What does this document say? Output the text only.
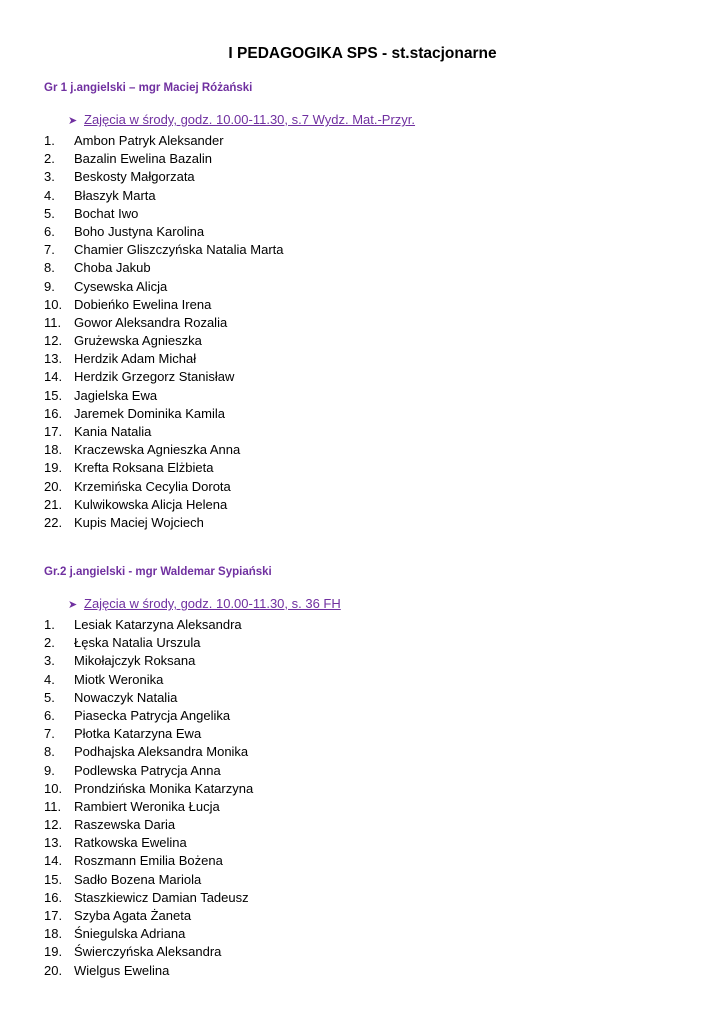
I PEDAGOGIKA SPS - st.stacjonarne
Gr 1 j.angielski – mgr Maciej Różański
➤ Zajęcia w środy, godz. 10.00-11.30, s.7 Wydz. Mat.-Przyr.
1.	Ambon Patryk Aleksander
2.	Bazalin Ewelina Bazalin
3.	Beskosty Małgorzata
4.	Błaszyk Marta
5.	Bochat Iwo
6.	Boho Justyna Karolina
7.	Chamier Gliszczyńska Natalia Marta
8.	Choba Jakub
9.	Cysewska Alicja
10. Dobieńko Ewelina Irena
11. Gowor Aleksandra Rozalia
12. Grużewska Agnieszka
13. Herdzik Adam Michał
14. Herdzik Grzegorz Stanisław
15. Jagielska Ewa
16. Jaremek Dominika Kamila
17. Kania Natalia
18. Kraczewska Agnieszka Anna
19. Krefta Roksana Elżbieta
20. Krzemińska Cecylia Dorota
21. Kulwikowska Alicja Helena
22. Kupis Maciej Wojciech
Gr.2 j.angielski - mgr Waldemar Sypiański
➤ Zajęcia w środy, godz. 10.00-11.30, s. 36 FH
1.	Lesiak Katarzyna Aleksandra
2.	Łęska Natalia Urszula
3.	Mikołajczyk Roksana
4.	Miotk Weronika
5.	Nowaczyk Natalia
6.	Piasecka Patrycja Angelika
7.	Płotka Katarzyna Ewa
8.	Podhajska Aleksandra Monika
9.	Podlewska Patrycja Anna
10. Prondzińska Monika Katarzyna
11. Rambiert Weronika Łucja
12. Raszewska Daria
13. Ratkowska Ewelina
14. Roszmann Emilia Bożena
15. Sadło Bozena Mariola
16. Staszkiewicz Damian Tadeusz
17. Szyba Agata Żaneta
18. Śniegulska Adriana
19. Świerczyńska Aleksandra
20. Wielgus Ewelina
